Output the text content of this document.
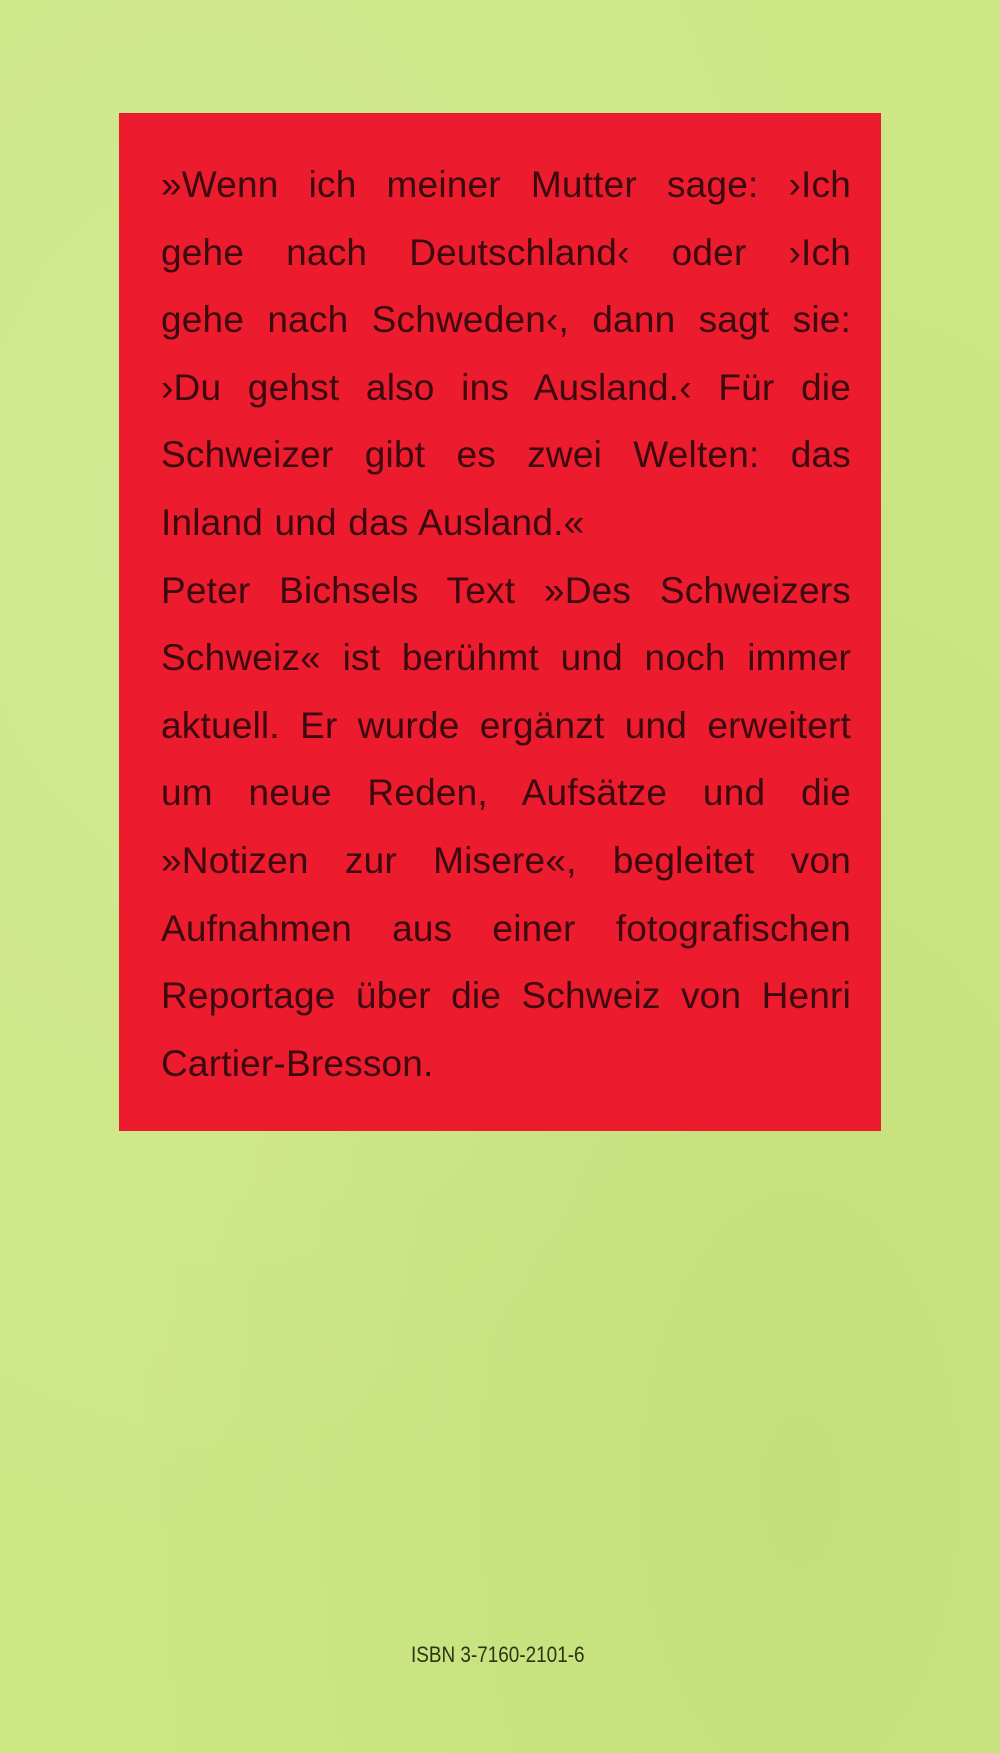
»Wenn ich meiner Mutter sage: ›Ich
gehe nach Deutschland‹ oder ›Ich
gehe nach Schweden‹, dann sagt sie:
›Du gehst also ins Ausland.‹ Für die
Schweizer gibt es zwei Welten: das
Inland und das Ausland.«
Peter Bichsels Text »Des Schweizers
Schweiz« ist berühmt und noch immer
aktuell. Er wurde ergänzt und erweitert
um neue Reden, Aufsätze und die
»Notizen zur Misere«, begleitet von
Aufnahmen aus einer fotografischen
Reportage über die Schweiz von Henri
Cartier-Bresson.

ISBN 3-7160-2101-6
